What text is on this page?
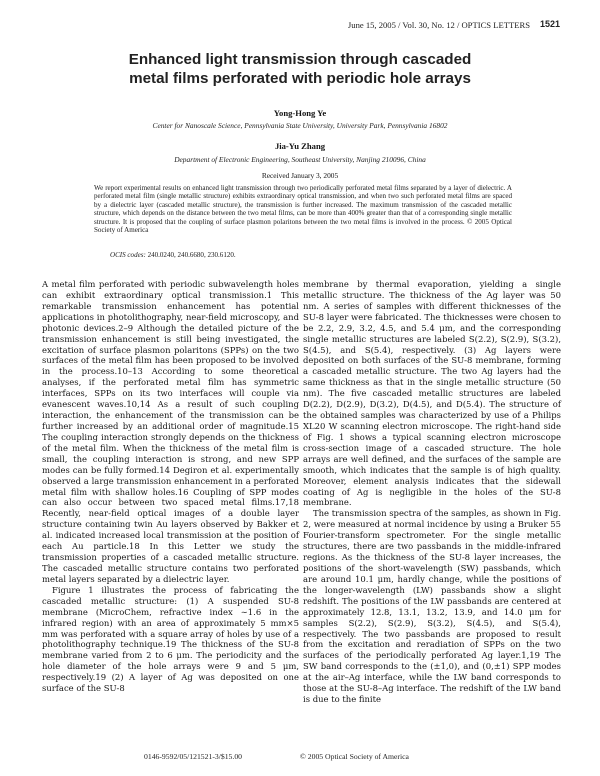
June 15, 2005 / Vol. 30, No. 12 / OPTICS LETTERS 1521
Enhanced light transmission through cascaded
metal films perforated with periodic hole arrays
Yong-Hong Ye
Center for Nanoscale Science, Pennsylvania State University, University Park, Pennsylvania 16802
Jia-Yu Zhang
Department of Electronic Engineering, Southeast University, Nanjing 210096, China
Received January 3, 2005
We report experimental results on enhanced light transmission through two periodically perforated metal films separated by a layer of dielectric. A perforated metal film (single metallic structure) exhibits extraordinary optical transmission, and when two such perforated metal films are spaced by a dielectric layer (cascaded metallic structure), the transmission is further increased. The maximum transmission of the cascaded metallic structure, which depends on the distance between the two metal films, can be more than 400% greater than that of a corresponding single metallic structure. It is proposed that the coupling of surface plasmon polaritons between the two metal films is involved in the process. © 2005 Optical Society of America
OCIS codes: 240.0240, 240.6680, 230.6120.

A metal film perforated with periodic subwavelength holes can exhibit extraordinary optical transmission.1 This remarkable transmission enhancement has potential applications in photolithography, near-field microscopy, and photonic devices.2–9 Although the detailed picture of the transmission enhancement is still being investigated, the excitation of surface plasmon polaritons (SPPs) on the two surfaces of the metal film has been proposed to be involved in the process.10–13 According to some theoretical analyses, if the perforated metal film has symmetric interfaces, SPPs on its two interfaces will couple via evanescent waves.10,14 As a result of such coupling interaction, the enhancement of the transmission can be further increased by an additional order of magnitude.15 The coupling interaction strongly depends on the thickness of the metal film. When the thickness of the metal film is small, the coupling interaction is strong, and new SPP modes can be fully formed.14 Degiron et al. experimentally observed a large transmission enhancement in a perforated metal film with shallow holes.16 Coupling of SPP modes can also occur between two spaced metal films.17,18 Recently, near-field optical images of a double layer structure containing twin Au layers observed by Bakker et al. indicated increased local transmission at the position of each Au particle.18 In this Letter we study the transmission properties of a cascaded metallic structure. The cascaded metallic structure contains two perforated metal layers separated by a dielectric layer.

Figure 1 illustrates the process of fabricating the cascaded metallic structure: (1) A suspended SU-8 membrane (MicroChem, refractive index ∼1.6 in the infrared region) with an area of approximately 5 mm×5 mm was perforated with a square array of holes by use of a photolithography technique.19 The thickness of the SU-8 membrane varied from 2 to 6 μm. The periodicity and the hole diameter of the hole arrays were 9 and 5 μm, respectively.19 (2) A layer of Ag was deposited on one surface of the SU-8

membrane by thermal evaporation, yielding a single metallic structure. The thickness of the Ag layer was 50 nm. A series of samples with different thicknesses of the SU-8 layer were fabricated. The thicknesses were chosen to be 2.2, 2.9, 3.2, 4.5, and 5.4 μm, and the corresponding single metallic structures are labeled S(2.2), S(2.9), S(3.2), S(4.5), and S(5.4), respectively. (3) Ag layers were deposited on both surfaces of the SU-8 membrane, forming a cascaded metallic structure. The two Ag layers had the same thickness as that in the single metallic structure (50 nm). The five cascaded metallic structures are labeled D(2.2), D(2.9), D(3.2), D(4.5), and D(5.4). The structure of the obtained samples was characterized by use of a Philips XL20 W scanning electron microscope. The right-hand side of Fig. 1 shows a typical scanning electron microscope cross-section image of a cascaded structure. The hole arrays are well defined, and the surfaces of the sample are smooth, which indicates that the sample is of high quality. Moreover, element analysis indicates that the sidewall coating of Ag is negligible in the holes of the SU-8 membrane.

The transmission spectra of the samples, as shown in Fig. 2, were measured at normal incidence by using a Bruker 55 Fourier-transform spectrometer. For the single metallic structures, there are two passbands in the middle-infrared regions. As the thickness of the SU-8 layer increases, the positions of the short-wavelength (SW) passbands, which are around 10.1 μm, hardly change, while the positions of the longer-wavelength (LW) passbands show a slight redshift. The positions of the LW passbands are centered at approximately 12.8, 13.1, 13.2, 13.9, and 14.0 μm for samples S(2.2), S(2.9), S(3.2), S(4.5), and S(5.4), respectively. The two passbands are proposed to result from the excitation and reradiation of SPPs on the two surfaces of the periodically perforated Ag layer.1,19 The SW band corresponds to the (±1,0), and (0,±1) SPP modes at the air–Ag interface, while the LW band corresponds to those at the SU-8–Ag interface. The redshift of the LW band is due to the finite

0146-9592/05/121521-3/$15.00	© 2005 Optical Society of America
